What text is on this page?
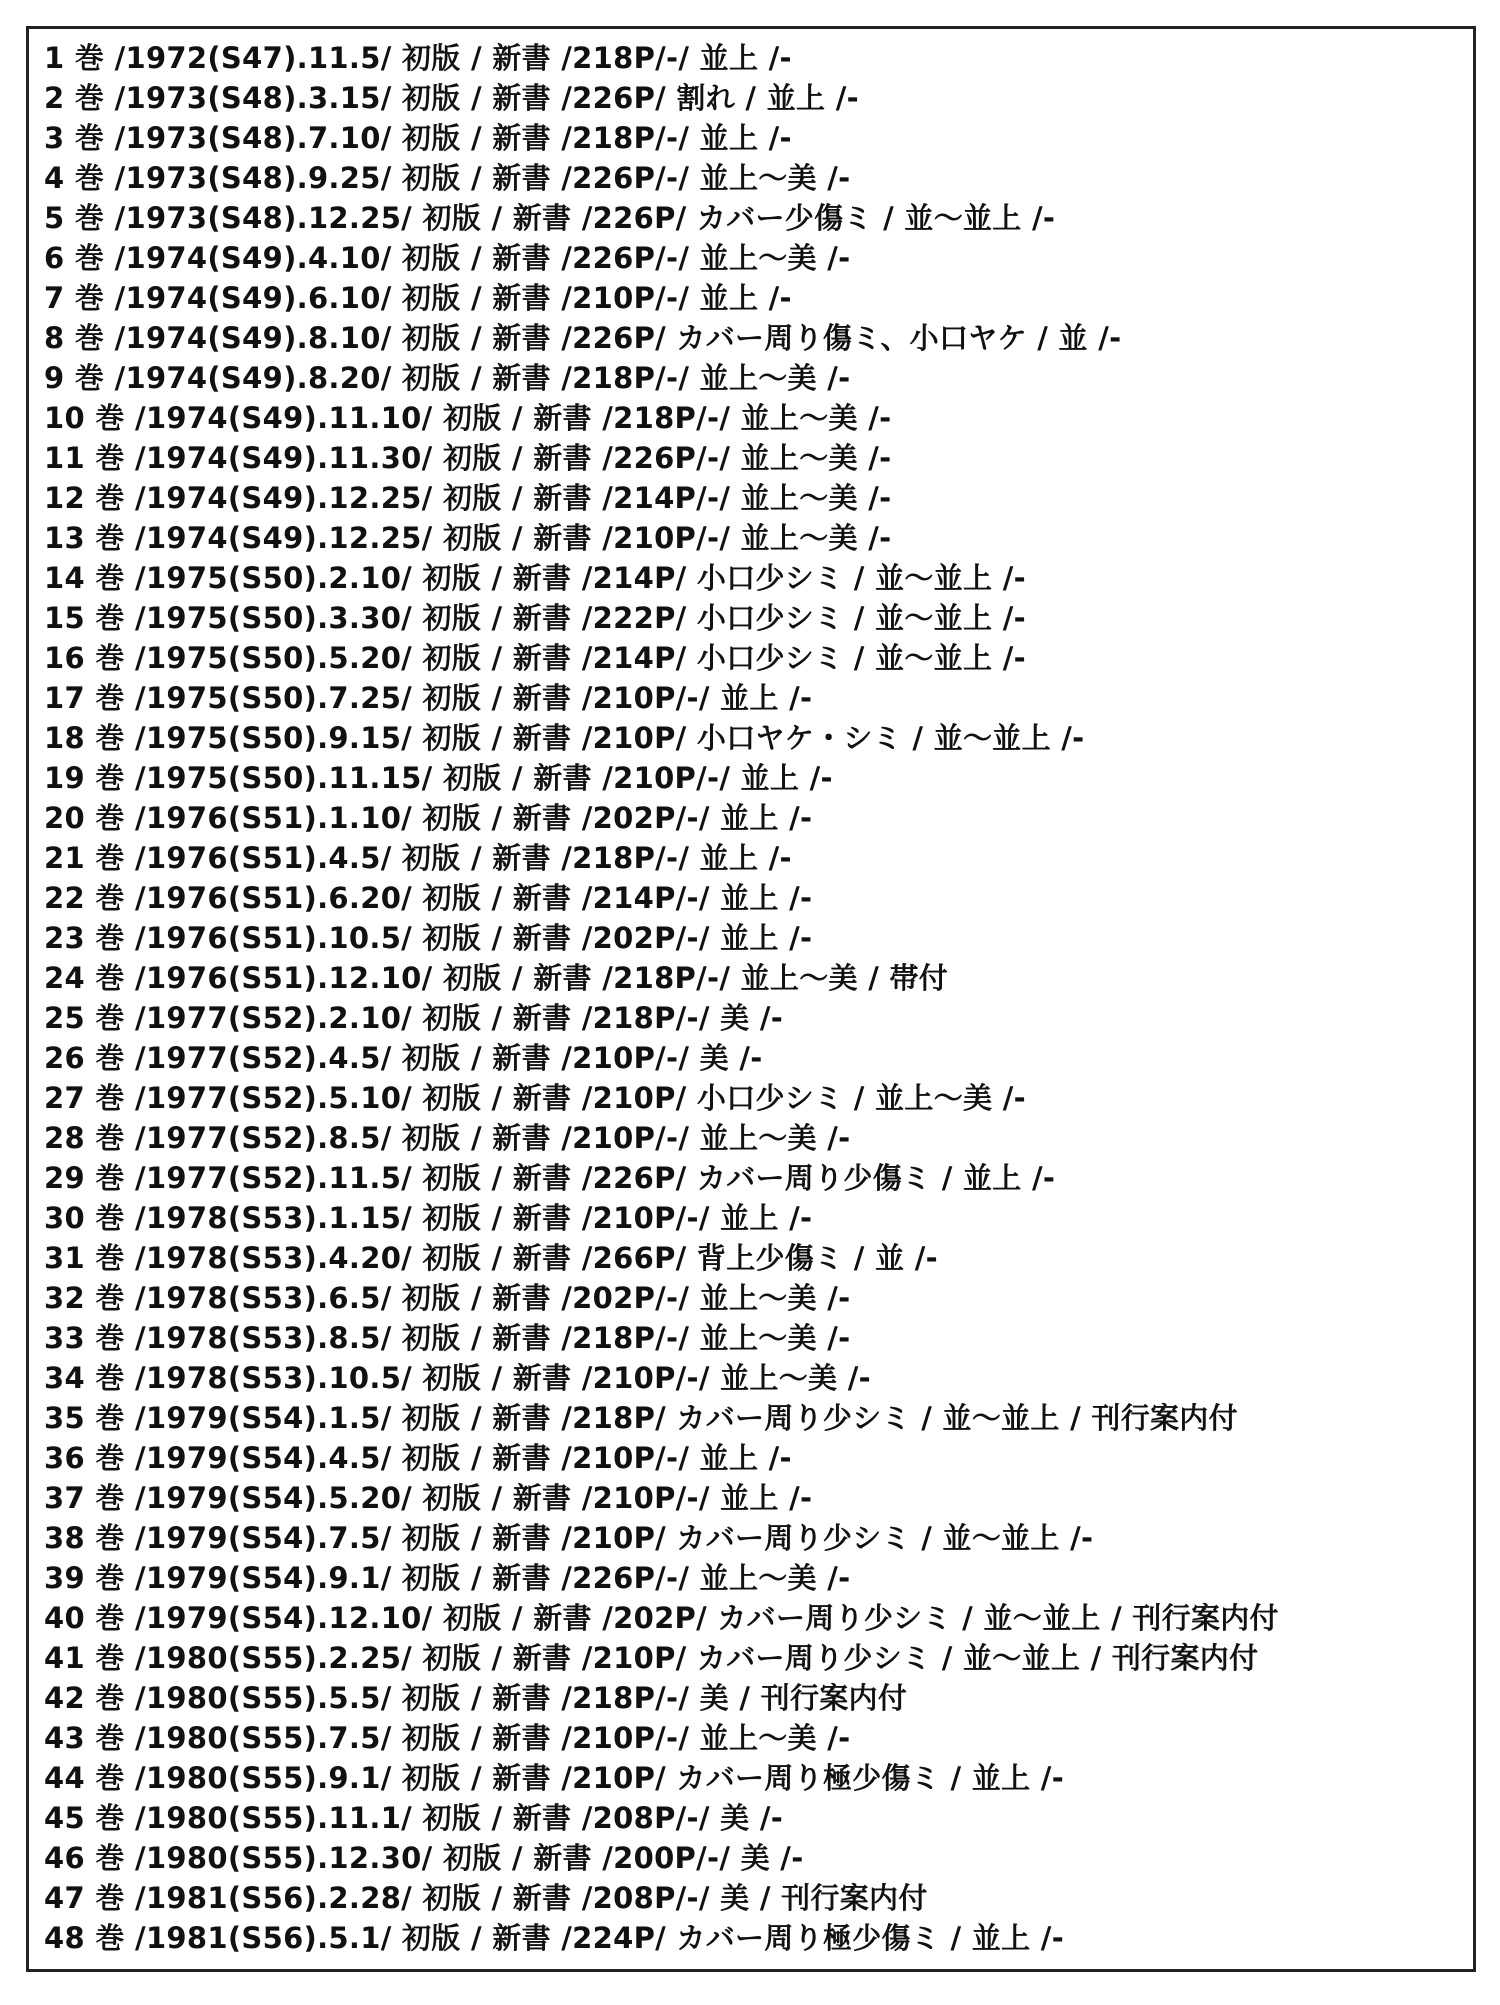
1 巻 /1972(S47).11.5/ 初版 / 新書 /218P/-/ 並上 /-
2 巻 /1973(S48).3.15/ 初版 / 新書 /226P/ 割れ / 並上 /-
3 巻 /1973(S48).7.10/ 初版 / 新書 /218P/-/ 並上 /-
4 巻 /1973(S48).9.25/ 初版 / 新書 /226P/-/ 並上～美 /-
5 巻 /1973(S48).12.25/ 初版 / 新書 /226P/ カバー少傷ミ / 並～並上 /-
6 巻 /1974(S49).4.10/ 初版 / 新書 /226P/-/ 並上～美 /-
7 巻 /1974(S49).6.10/ 初版 / 新書 /210P/-/ 並上 /-
8 巻 /1974(S49).8.10/ 初版 / 新書 /226P/ カバー周り傷ミ、小口ヤケ / 並 /-
9 巻 /1974(S49).8.20/ 初版 / 新書 /218P/-/ 並上～美 /-
10 巻 /1974(S49).11.10/ 初版 / 新書 /218P/-/ 並上～美 /-
11 巻 /1974(S49).11.30/ 初版 / 新書 /226P/-/ 並上～美 /-
12 巻 /1974(S49).12.25/ 初版 / 新書 /214P/-/ 並上～美 /-
13 巻 /1974(S49).12.25/ 初版 / 新書 /210P/-/ 並上～美 /-
14 巻 /1975(S50).2.10/ 初版 / 新書 /214P/ 小口少シミ / 並～並上 /-
15 巻 /1975(S50).3.30/ 初版 / 新書 /222P/ 小口少シミ / 並～並上 /-
16 巻 /1975(S50).5.20/ 初版 / 新書 /214P/ 小口少シミ / 並～並上 /-
17 巻 /1975(S50).7.25/ 初版 / 新書 /210P/-/ 並上 /-
18 巻 /1975(S50).9.15/ 初版 / 新書 /210P/ 小口ヤケ・シミ / 並～並上 /-
19 巻 /1975(S50).11.15/ 初版 / 新書 /210P/-/ 並上 /-
20 巻 /1976(S51).1.10/ 初版 / 新書 /202P/-/ 並上 /-
21 巻 /1976(S51).4.5/ 初版 / 新書 /218P/-/ 並上 /-
22 巻 /1976(S51).6.20/ 初版 / 新書 /214P/-/ 並上 /-
23 巻 /1976(S51).10.5/ 初版 / 新書 /202P/-/ 並上 /-
24 巻 /1976(S51).12.10/ 初版 / 新書 /218P/-/ 並上～美 / 帯付
25 巻 /1977(S52).2.10/ 初版 / 新書 /218P/-/ 美 /-
26 巻 /1977(S52).4.5/ 初版 / 新書 /210P/-/ 美 /-
27 巻 /1977(S52).5.10/ 初版 / 新書 /210P/ 小口少シミ / 並上～美 /-
28 巻 /1977(S52).8.5/ 初版 / 新書 /210P/-/ 並上～美 /-
29 巻 /1977(S52).11.5/ 初版 / 新書 /226P/ カバー周り少傷ミ / 並上 /-
30 巻 /1978(S53).1.15/ 初版 / 新書 /210P/-/ 並上 /-
31 巻 /1978(S53).4.20/ 初版 / 新書 /266P/ 背上少傷ミ / 並 /-
32 巻 /1978(S53).6.5/ 初版 / 新書 /202P/-/ 並上～美 /-
33 巻 /1978(S53).8.5/ 初版 / 新書 /218P/-/ 並上～美 /-
34 巻 /1978(S53).10.5/ 初版 / 新書 /210P/-/ 並上～美 /-
35 巻 /1979(S54).1.5/ 初版 / 新書 /218P/ カバー周り少シミ / 並～並上 / 刊行案内付
36 巻 /1979(S54).4.5/ 初版 / 新書 /210P/-/ 並上 /-
37 巻 /1979(S54).5.20/ 初版 / 新書 /210P/-/ 並上 /-
38 巻 /1979(S54).7.5/ 初版 / 新書 /210P/ カバー周り少シミ / 並～並上 /-
39 巻 /1979(S54).9.1/ 初版 / 新書 /226P/-/ 並上～美 /-
40 巻 /1979(S54).12.10/ 初版 / 新書 /202P/ カバー周り少シミ / 並～並上 / 刊行案内付
41 巻 /1980(S55).2.25/ 初版 / 新書 /210P/ カバー周り少シミ / 並～並上 / 刊行案内付
42 巻 /1980(S55).5.5/ 初版 / 新書 /218P/-/ 美 / 刊行案内付
43 巻 /1980(S55).7.5/ 初版 / 新書 /210P/-/ 並上～美 /-
44 巻 /1980(S55).9.1/ 初版 / 新書 /210P/ カバー周り極少傷ミ / 並上 /-
45 巻 /1980(S55).11.1/ 初版 / 新書 /208P/-/ 美 /-
46 巻 /1980(S55).12.30/ 初版 / 新書 /200P/-/ 美 /-
47 巻 /1981(S56).2.28/ 初版 / 新書 /208P/-/ 美 / 刊行案内付
48 巻 /1981(S56).5.1/ 初版 / 新書 /224P/ カバー周り極少傷ミ / 並上 /-
